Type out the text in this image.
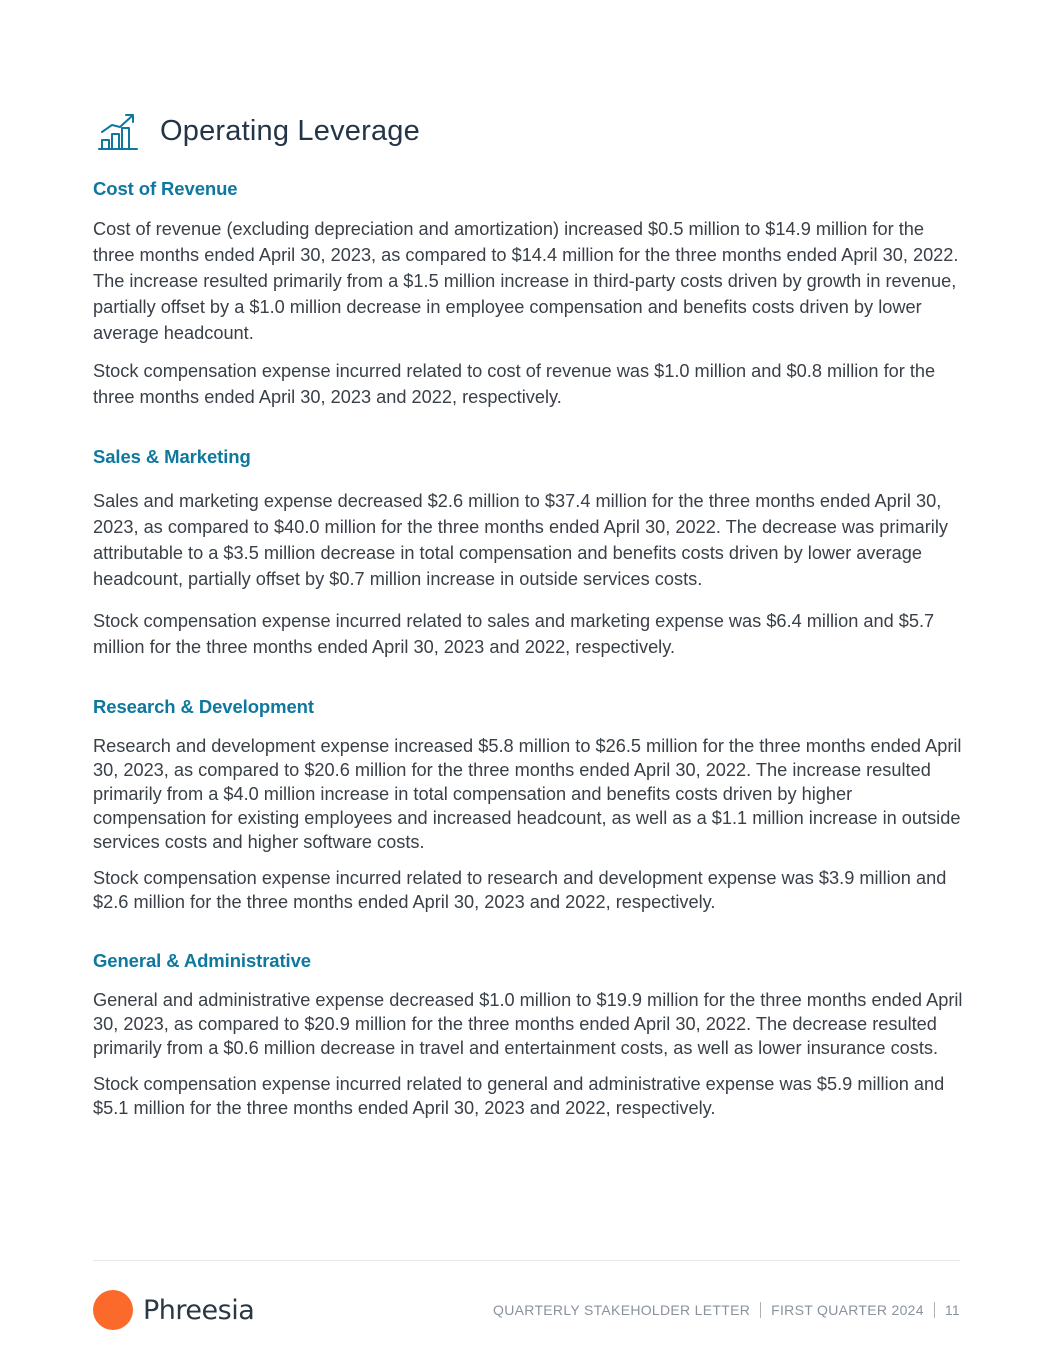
Operating Leverage
Cost of Revenue

Cost of revenue (excluding depreciation and amortization) increased $0.5 million to $14.9 million for the three months ended April 30, 2023, as compared to $14.4 million for the three months ended April 30, 2022. The increase resulted primarily from a $1.5 million increase in third-party costs driven by growth in revenue, partially offset by a $1.0 million decrease in employee compensation and benefits costs driven by lower average headcount.

Stock compensation expense incurred related to cost of revenue was $1.0 million and $0.8 million for the three months ended April 30, 2023 and 2022, respectively.

Sales & Marketing

Sales and marketing expense decreased $2.6 million to $37.4 million for the three months ended April 30, 2023, as compared to $40.0 million for the three months ended April 30, 2022. The decrease was primarily attributable to a $3.5 million decrease in total compensation and benefits costs driven by lower average headcount, partially offset by $0.7 million increase in outside services costs.

Stock compensation expense incurred related to sales and marketing expense was $6.4 million and $5.7 million for the three months ended April 30, 2023 and 2022, respectively.

Research & Development

Research and development expense increased $5.8 million to $26.5 million for the three months ended April 30, 2023, as compared to $20.6 million for the three months ended April 30, 2022. The increase resulted primarily from a $4.0 million increase in total compensation and benefits costs driven by higher compensation for existing employees and increased headcount, as well as a $1.1 million increase in outside services costs and higher software costs.

Stock compensation expense incurred related to research and development expense was $3.9 million and $2.6 million for the three months ended April 30, 2023 and 2022, respectively.

General & Administrative

General and administrative expense decreased $1.0 million to $19.9 million for the three months ended April 30, 2023, as compared to $20.9 million for the three months ended April 30, 2022. The decrease resulted primarily from a $0.6 million decrease in travel and entertainment costs, as well as lower insurance costs.

Stock compensation expense incurred related to general and administrative expense was $5.9 million and $5.1 million for the three months ended April 30, 2023 and 2022, respectively.

Phreesia	QUARTERLY STAKEHOLDER LETTER FIRST QUARTER 2024 11
